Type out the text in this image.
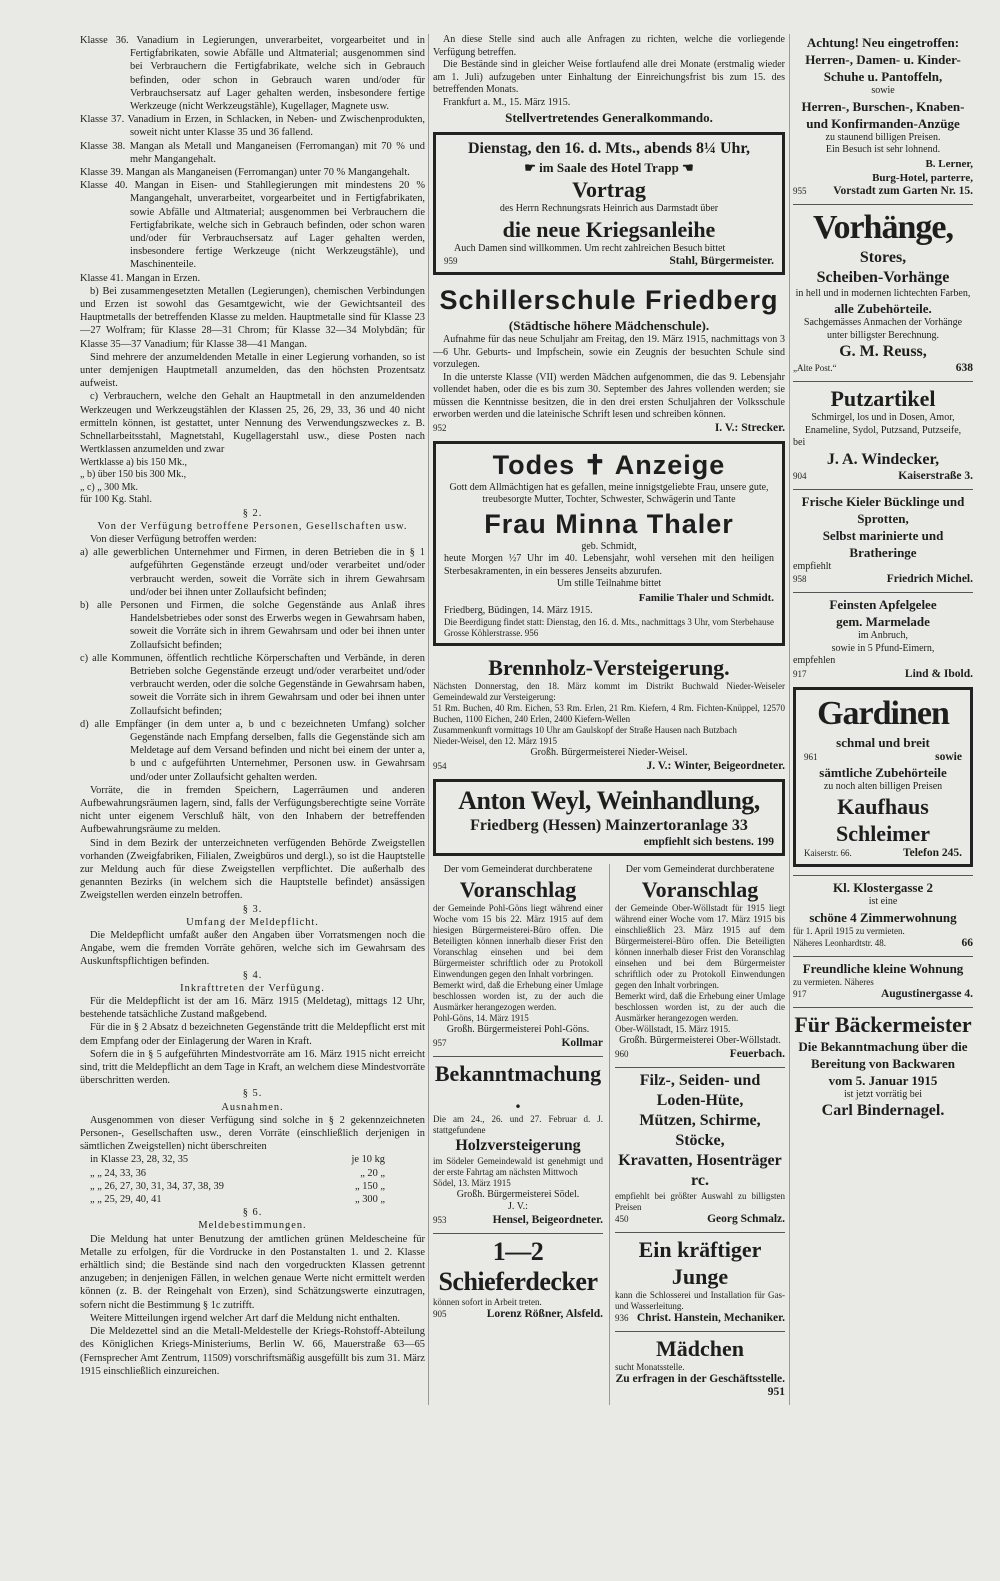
Klasse 36. Vanadium in Legierungen, unverarbeitet, vorgearbeitet und in Fertigfabrikaten, sowie Abfälle und Altmaterial; ausgenommen sind bei Verbrauchern die Fertigfabrikate, welche sich in Gebrauch befinden, oder schon in Gebrauch waren und/oder für Verbrauchsersatz auf Lager gehalten werden, insbesondere fertige Werkzeuge (nicht Werkzeugstähle), Kugellager, Magnete usw.
Klasse 37. Vanadium in Erzen, in Schlacken, in Neben- und Zwischenprodukten, soweit nicht unter Klasse 35 und 36 fallend.
Klasse 38. Mangan als Metall und Manganeisen (Ferromangan) mit 70 % und mehr Mangangehalt.
Klasse 39. Mangan als Manganeisen (Ferromangan) unter 70 % Mangangehalt.
Klasse 40. Mangan in Eisen- und Stahllegierungen mit mindestens 20 % Mangangehalt, unverarbeitet, vorgearbeitet und in Fertigfabrikaten, sowie Abfälle und Altmaterial; ausgenommen bei Verbrauchern die Fertigfabrikate, welche sich in Gebrauch befinden, oder schon waren und/oder für Verbrauchsersatz auf Lager gehalten werden, insbesondere fertige Werkzeuge (nicht Werkzeugstähle), und Maschinenteile.
Klasse 41. Mangan in Erzen.
b) Bei zusammengesetzten Metallen (Legierungen), chemischen Verbindungen und Erzen ist sowohl das Gesamtgewicht, wie der Gewichtsanteil des Hauptmetalls der betreffenden Klasse zu melden. Hauptmetalle sind für Klasse 23—27 Wolfram; für Klasse 28—31 Chrom; für Klasse 32—34 Molybdän; für Klasse 35—37 Vanadium; für Klasse 38—41 Mangan.
Sind mehrere der anzumeldenden Metalle in einer Legierung vorhanden, so ist unter demjenigen Hauptmetall anzumelden, das den höchsten Prozentsatz aufweist.
c) Verbrauchern, welche den Gehalt an Hauptmetall in den anzumeldenden Werkzeugen und Werkzeugstählen der Klassen 25, 26, 29, 33, 36 und 40 nicht ermitteln können, ist gestattet, unter Nennung des Verwendungszweckes z. B. Schnellarbeitsstahl, Magnetstahl, Kugellagerstahl usw., diese Posten nach Wertklassen anzumelden und zwar
Wertklasse a) bis 150 Mk.,
„ b) über 150 bis 300 Mk.,
„ c) „ 300 Mk.
für 100 Kg. Stahl.
§ 2.
Von der Verfügung betroffene Personen, Gesellschaften usw.
Von dieser Verfügung betroffen werden:
a) alle gewerblichen Unternehmer und Firmen, in deren Betrieben die in § 1 aufgeführten Gegenstände erzeugt und/oder verarbeitet und/oder verbraucht werden, soweit die Vorräte sich in ihrem Gewahrsam und/oder bei ihnen unter Zollaufsicht befinden;
b) alle Personen und Firmen, die solche Gegenstände aus Anlaß ihres Handelsbetriebes oder sonst des Erwerbs wegen in Gewahrsam haben, soweit die Vorräte sich in ihrem Gewahrsam und oder bei ihnen unter Zollaufsicht befinden;
c) alle Kommunen, öffentlich rechtliche Körperschaften und Verbände, in deren Betrieben solche Gegenstände erzeugt und/oder verarbeitet und/oder verbraucht werden, oder die solche Gegenstände in Gewahrsam haben, soweit die Vorräte sich in ihrem Gewahrsam und oder bei ihnen unter Zollaufsicht befinden;
d) alle Empfänger (in dem unter a, b und c bezeichneten Umfang) solcher Gegenstände nach Empfang derselben, falls die Gegenstände sich am Meldetage auf dem Versand befinden und nicht bei einem der unter a, b und c aufgeführten Unternehmer, Personen usw. in Gewahrsam und/oder unter Zollaufsicht gehalten werden.
Vorräte, die in fremden Speichern, Lagerräumen und anderen Aufbewahrungsräumen lagern, sind, falls der Verfügungsberechtigte seine Vorräte nicht unter eigenem Verschluß hält, von den Inhabern der betreffenden Aufbewahrungsräume zu melden.
Sind in dem Bezirk der unterzeichneten verfügenden Behörde Zweigstellen vorhanden (Zweigfabriken, Filialen, Zweigbüros und dergl.), so ist die Hauptstelle zur Meldung auch für diese Zweigstellen verpflichtet. Die außerhalb des genannten Bezirks (in welchem sich die Hauptstelle befindet) ansässigen Zweigstellen werden einzeln betroffen.
§ 3.
Umfang der Meldepflicht.
Die Meldepflicht umfaßt außer den Angaben über Vorratsmengen noch die Angabe, wem die fremden Vorräte gehören, welche sich im Gewahrsam des Auskunftspflichtigen befinden.
§ 4.
Inkrafttreten der Verfügung.
Für die Meldepflicht ist der am 16. März 1915 (Meldetag), mittags 12 Uhr, bestehende tatsächliche Zustand maßgebend.
Für die in § 2 Absatz d bezeichneten Gegenstände tritt die Meldepflicht erst mit dem Empfang oder der Einlagerung der Waren in Kraft.
Sofern die in § 5 aufgeführten Mindestvorräte am 16. März 1915 nicht erreicht sind, tritt die Meldepflicht an dem Tage in Kraft, an welchem diese Mindestvorräte überschritten werden.
§ 5.
Ausnahmen.
Ausgenommen von dieser Verfügung sind solche in § 2 gekennzeichneten Personen-, Gesellschaften usw., deren Vorräte (einschließlich derjenigen in sämtlichen Zweigstellen) nicht überschreiten
in Klasse 23, 28, 32, 35	je 10 kg
„ „ 24, 33, 36	„ 20 „
„ „ 26, 27, 30, 31, 34, 37, 38, 39	„ 150 „
„ „ 25, 29, 40, 41	„ 300 „
§ 6.
Meldebestimmungen.
Die Meldung hat unter Benutzung der amtlichen grünen Meldescheine für Metalle zu erfolgen, für die Vordrucke in den Postanstalten 1. und 2. Klasse erhältlich sind; die Bestände sind nach den vorgedruckten Klassen getrennt anzugeben; in denjenigen Fällen, in welchen genaue Werte nicht ermittelt werden können (z. B. der Reingehalt von Erzen), sind Schätzungswerte einzutragen, sofern nicht die Bestimmung § 1c zutrifft.
Weitere Mitteilungen irgend welcher Art darf die Meldung nicht enthalten.
Die Meldezettel sind an die Metall-Meldestelle der Kriegs-Rohstoff-Abteilung des Königlichen Kriegs-Ministeriums, Berlin W. 66, Mauerstraße 63—65 (Fernsprecher Amt Zentrum, 11509) vorschriftsmäßig ausgefüllt bis zum 31. März 1915 einschließlich einzureichen.
An diese Stelle sind auch alle Anfragen zu richten, welche die vorliegende Verfügung betreffen.
Die Bestände sind in gleicher Weise fortlaufend alle drei Monate (erstmalig wieder am 1. Juli) aufzugeben unter Einhaltung der Einreichungsfrist bis zum 15. des betreffenden Monats.
Frankfurt a. M., 15. März 1915.
Stellvertretendes Generalkommando.
Dienstag, den 16. d. Mts., abends 8¼ Uhr,
☛ im Saale des Hotel Trapp ☚
Vortrag
des Herrn Rechnungsrats Heinrich aus Darmstadt über
die neue Kriegsanleihe
Auch Damen sind willkommen. Um recht zahlreichen Besuch bittet
959	Stahl, Bürgermeister.
Schillerschule Friedberg
(Städtische höhere Mädchenschule).
Aufnahme für das neue Schuljahr am Freitag, den 19. März 1915, nachmittags von 3—6 Uhr. Geburts- und Impfschein, sowie ein Zeugnis der besuchten Schule sind vorzulegen.
In die unterste Klasse (VII) werden Mädchen aufgenommen, die das 9. Lebensjahr vollendet haben, oder die es bis zum 30. September des Jahres vollenden werden; sie müssen die Kenntnisse besitzen, die in den drei ersten Schuljahren der Volksschule erworben werden und die lateinische Schrift lesen und schreiben können.
952	I. V.: Strecker.
Todes ✝ Anzeige
Gott dem Allmächtigen hat es gefallen, meine innigstgeliebte Frau, unsere gute, treubesorgte Mutter, Tochter, Schwester, Schwägerin und Tante
Frau Minna Thaler
geb. Schmidt,
heute Morgen ½7 Uhr im 40. Lebensjahr, wohl versehen mit den heiligen Sterbesakramenten, in ein besseres Jenseits abzurufen.
Um stille Teilnahme bittet
Familie Thaler und Schmidt.
Friedberg, Büdingen, 14. März 1915.
Die Beerdigung findet statt: Dienstag, den 16. d. Mts., nachmittags 3 Uhr, vom Sterbehause Grosse Köhlerstrasse. 956
Brennholz-Versteigerung.
Nächsten Donnerstag, den 18. März kommt im Distrikt Buchwald Nieder-Weiseler Gemeindewald zur Versteigerung:
51 Rm. Buchen, 40 Rm. Eichen, 53 Rm. Erlen, 21 Rm. Kiefern, 4 Rm. Fichten-Knüppel, 12570 Buchen, 1100 Eichen, 240 Erlen, 2400 Kiefern-Wellen
Zusammenkunft vormittags 10 Uhr am Gaulskopf der Straße Hausen nach Butzbach
Nieder-Weisel, den 12. März 1915
Großh. Bürgermeisterei Nieder-Weisel.
954	J. V.: Winter, Beigeordneter.
Anton Weyl, Weinhandlung,
Friedberg (Hessen) Mainzertoranlage 33
empfiehlt sich bestens. 199
Der vom Gemeinderat durchberatene
Voranschlag
der Gemeinde Pohl-Göns liegt während einer Woche vom 15 bis 22. März 1915 auf dem hiesigen Bürgermeisterei-Büro offen. Die Beteiligten können innerhalb dieser Frist den Voranschlag einsehen und bei dem Bürgermeister schriftlich oder zu Protokoll Einwendungen gegen den Inhalt vorbringen.
Bemerkt wird, daß die Erhebung einer Umlage beschlossen worden ist, zu der auch die Ausmärker herangezogen werden.
Pohl-Göns, 14. März 1915
Großh. Bürgermeisterei Pohl-Göns.
957	Kollmar
Bekanntmachung.
Die am 24., 26. und 27. Februar d. J. stattgefundene
Holzversteigerung
im Södeler Gemeindewald ist genehmigt und der erste Fahrtag am nächsten Mittwoch
Södel, 13. März 1915
Großh. Bürgermeisterei Södel.
J. V.:
953	Hensel, Beigeordneter.
1—2 Schieferdecker
können sofort in Arbeit treten.
905	Lorenz Rößner, Alsfeld.
Der vom Gemeinderat durchberatene
Voranschlag
der Gemeinde Ober-Wöllstadt für 1915 liegt während einer Woche vom 17. März 1915 bis einschließlich 23. März 1915 auf dem Bürgermeisterei-Büro offen. Die Beteiligten können innerhalb dieser Frist den Voranschlag einsehen und bei dem Bürgermeister schriftlich oder zu Protokoll Einwendungen gegen den Inhalt vorbringen.
Bemerkt wird, daß die Erhebung einer Umlage beschlossen worden ist, zu der auch die Ausmärker herangezogen werden.
Ober-Wöllstadt, 15. März 1915.
Großh. Bürgermeisterei Ober-Wöllstadt.
960	Feuerbach.
Filz-, Seiden- und Loden-Hüte,
Mützen, Schirme, Stöcke,
Kravatten, Hosenträger rc.
empfiehlt bei größter Auswahl zu billigsten Preisen
450	Georg Schmalz.
Ein kräftiger Junge
kann die Schlosserei und Installation für Gas- und Wasserleitung.
936 Christ. Hanstein, Mechaniker.
Mädchen
sucht Monatsstelle.
Zu erfragen in der Geschäftsstelle. 951
Achtung! Neu eingetroffen:
Herren-, Damen- u. Kinder-Schuhe u. Pantoffeln,
sowie
Herren-, Burschen-, Knaben- und Konfirmanden-Anzüge
zu staunend billigen Preisen.
Ein Besuch ist sehr lohnend.
B. Lerner,
Burg-Hotel, parterre,
955 Vorstadt zum Garten Nr. 15.
Vorhänge,
Stores,
Scheiben-Vorhänge
in hell und in modernen lichtechten Farben,
alle Zubehörteile.
Sachgemässes Anmachen der Vorhänge unter billigster Berechnung.
G. M. Reuss,
„Alte Post.“	638
Putzartikel
Schmirgel, los und in Dosen, Amor, Enameline, Sydol, Putzsand, Putzseife,
bei
J. A. Windecker,
904	Kaiserstraße 3.
Frische Kieler Bücklinge und Sprotten,
Selbst marinierte und Bratheringe
empfiehlt
958	Friedrich Michel.
Feinsten Apfelgelee
gem. Marmelade
im Anbruch,
sowie in 5 Pfund-Eimern,
empfehlen
917	Lind & Ibold.
Gardinen
schmal und breit
961	sowie
sämtliche Zubehörteile
zu noch alten billigen Preisen
Kaufhaus Schleimer
Kaiserstr. 66.	Telefon 245.
Kl. Klostergasse 2
ist eine
schöne 4 Zimmerwohnung
für 1. April 1915 zu vermieten.
Näheres Leonhardtstr. 48.	66
Freundliche kleine Wohnung
zu vermieten. Näheres
917	Augustinergasse 4.
Für Bäckermeister
Die Bekanntmachung über die Bereitung von Backwaren
vom 5. Januar 1915
ist jetzt vorrätig bei
Carl Bindernagel.
